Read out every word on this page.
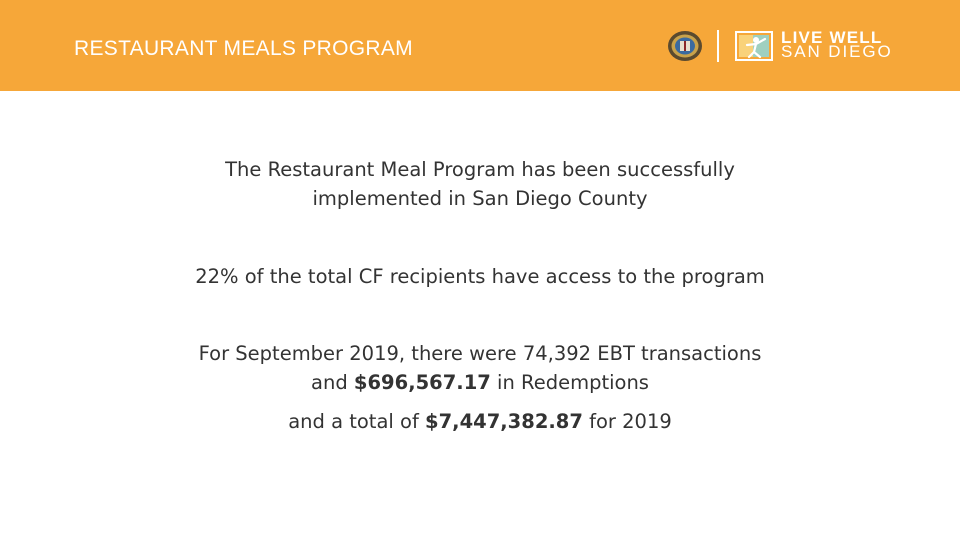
RESTAURANT MEALS PROGRAM	LIVE WELL
SAN DIEGO
The Restaurant Meal Program has been successfully
implemented in San Diego County
22% of the total CF recipients have access to the program
For September 2019, there were 74,392 EBT transactions
and $696,567.17 in Redemptions
and a total of $7,447,382.87 for 2019
